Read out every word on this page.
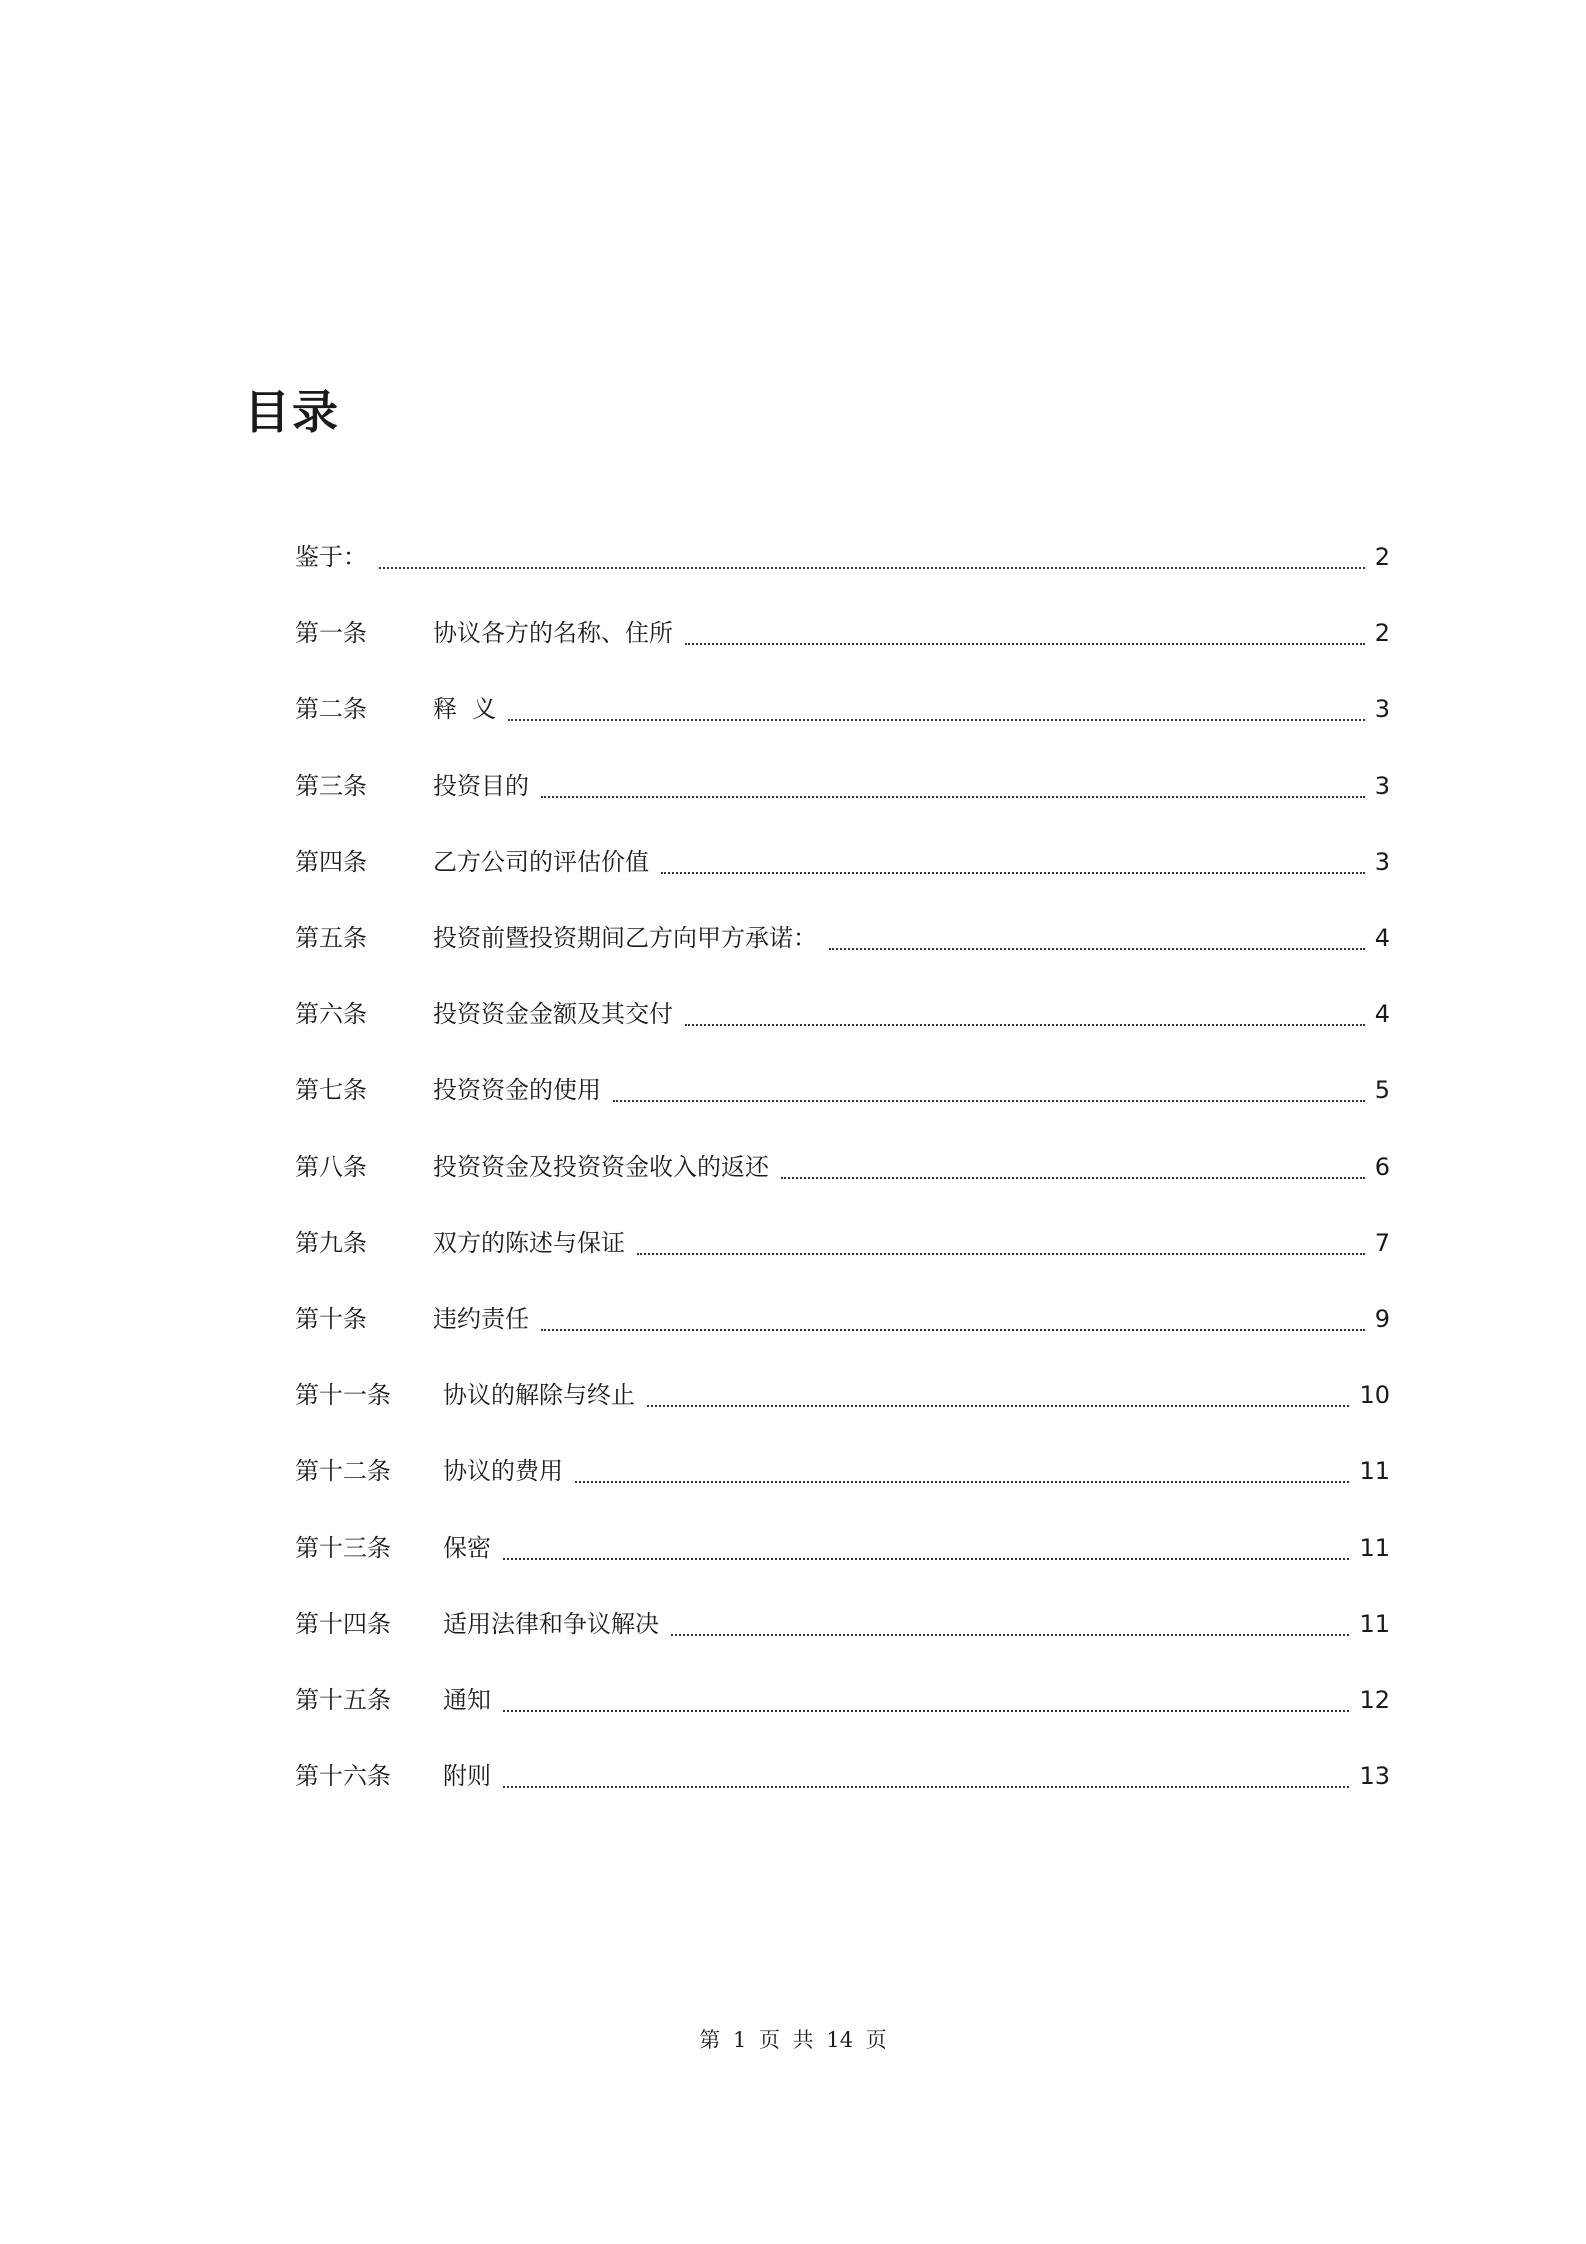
目录
鉴于：	2
第一条	协议各方的名称、住所	2
第二条	释  义	3
第三条	投资目的	3
第四条	乙方公司的评估价值	3
第五条	投资前暨投资期间乙方向甲方承诺：	4
第六条	投资资金金额及其交付	4
第七条	投资资金的使用	5
第八条	投资资金及投资资金收入的返还	6
第九条	双方的陈述与保证	7
第十条	违约责任	9
第十一条 协议的解除与终止	10
第十二条 协议的费用	11
第十三条 保密	11
第十四条 适用法律和争议解决	11
第十五条 通知	12
第十六条 附则	13
第 1 页 共 14 页
